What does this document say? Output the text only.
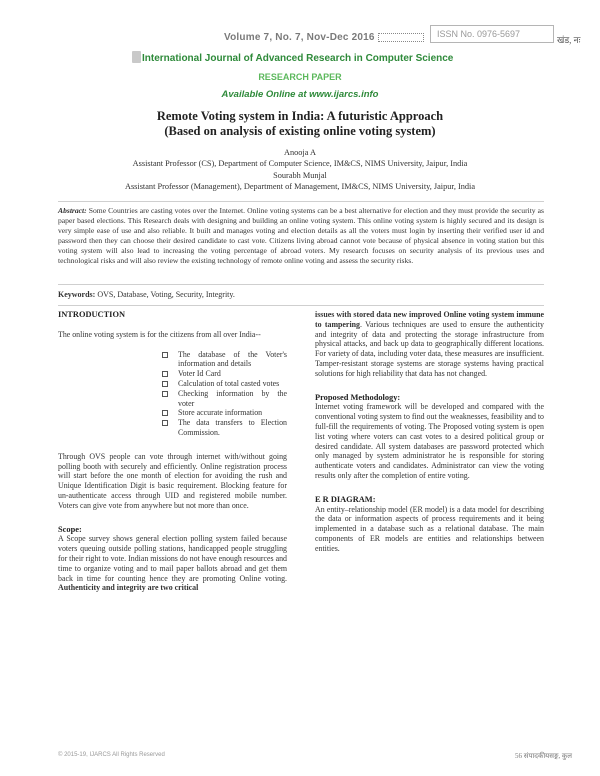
Volume 7, No. 7, Nov-Dec 2016	ISSN No. 0976-5697
खंड, नः
International Journal of Advanced Research in Computer Science
RESEARCH PAPER
Available Online at www.ijarcs.info
Remote Voting system in India: A futuristic Approach
(Based on analysis of existing online voting system)
Anooja A
Assistant Professor (CS), Department of Computer Science, IM&CS, NIMS University, Jaipur, India
Sourabh Munjal
Assistant Professor (Management), Department of Management, IM&CS, NIMS University, Jaipur, India

Abstract: Some Countries are casting votes over the Internet. Online voting systems can be a best alternative for election and they must provide the security as paper based elections. This Research deals with designing and building an online voting system. This online voting system is highly secured and its design is very simple ease of use and also reliable. It built and manages voting and election details as all the voters must login by inserting their verified user id and password then they can choose their desired candidate to cast vote. Citizens living abroad cannot vote because of physical absence in voting station but this voting system will also lead to increasing the voting percentage of abroad voters. My research focuses on security analysis of its previous uses and technological risks and will also review the existing technology of remote online voting and assess the security risks.

Keywords: OVS, Database, Voting, Security, Integrity.
INTRODUCTION

The online voting system is for the citizens from all over India--

The database of the Voter's information and details
Voter Id Card
Calculation of total casted votes
Checking information by the voter
Store accurate information
The data transfers to Election Commission.

Through OVS people can vote through internet with/without going polling booth with securely and efficiently. Online registration process will start before the one month of election for avoiding the rush and Unique Identification Digit is basic requirement. Blocking feature for un-authenticate access through UID and registered mobile number. Voters can give vote from anywhere but not more than once.

Scope:

A Scope survey shows general election polling system failed because voters queuing outside polling stations, handicapped people struggling for their right to vote. Indian missions do not have enough resources and time to organize voting and to mail paper ballots abroad and get them back in time for counting hence they are promoting Online voting. Authenticity and integrity are two critical

issues with stored data new improved Online voting system immune to tampering. Various techniques are used to ensure the authenticity and integrity of data and protecting the storage infrastructure from physical attacks, and back up data to geographically different locations. For variety of data, including voter data, these measures are insufficient. Tamper-resistant storage systems are storage systems having practical solutions for high reliability that data has not changed.

Proposed Methodology:

Internet voting framework will be developed and compared with the conventional voting system to find out the weaknesses, feasibility and to full-fill the requirements of voting. The Proposed voting system is open list voting where voters can cast votes to a desired political group or desired candidate. All system databases are password protected which only managed by system administrator he is responsible for storing authenticate voters and candidates. Administrator can view the voting results only after the completion of entire voting.

E R DIAGRAM:

An entity–relationship model (ER model) is a data model for describing the data or information aspects of process requirements and it being implemented in a database such as a relational database. The main components of ER models are entities and relationships between entities.

© 2015-19, IJARCS All Rights Reserved	56 संपादकीयसङ्ग, कुल
